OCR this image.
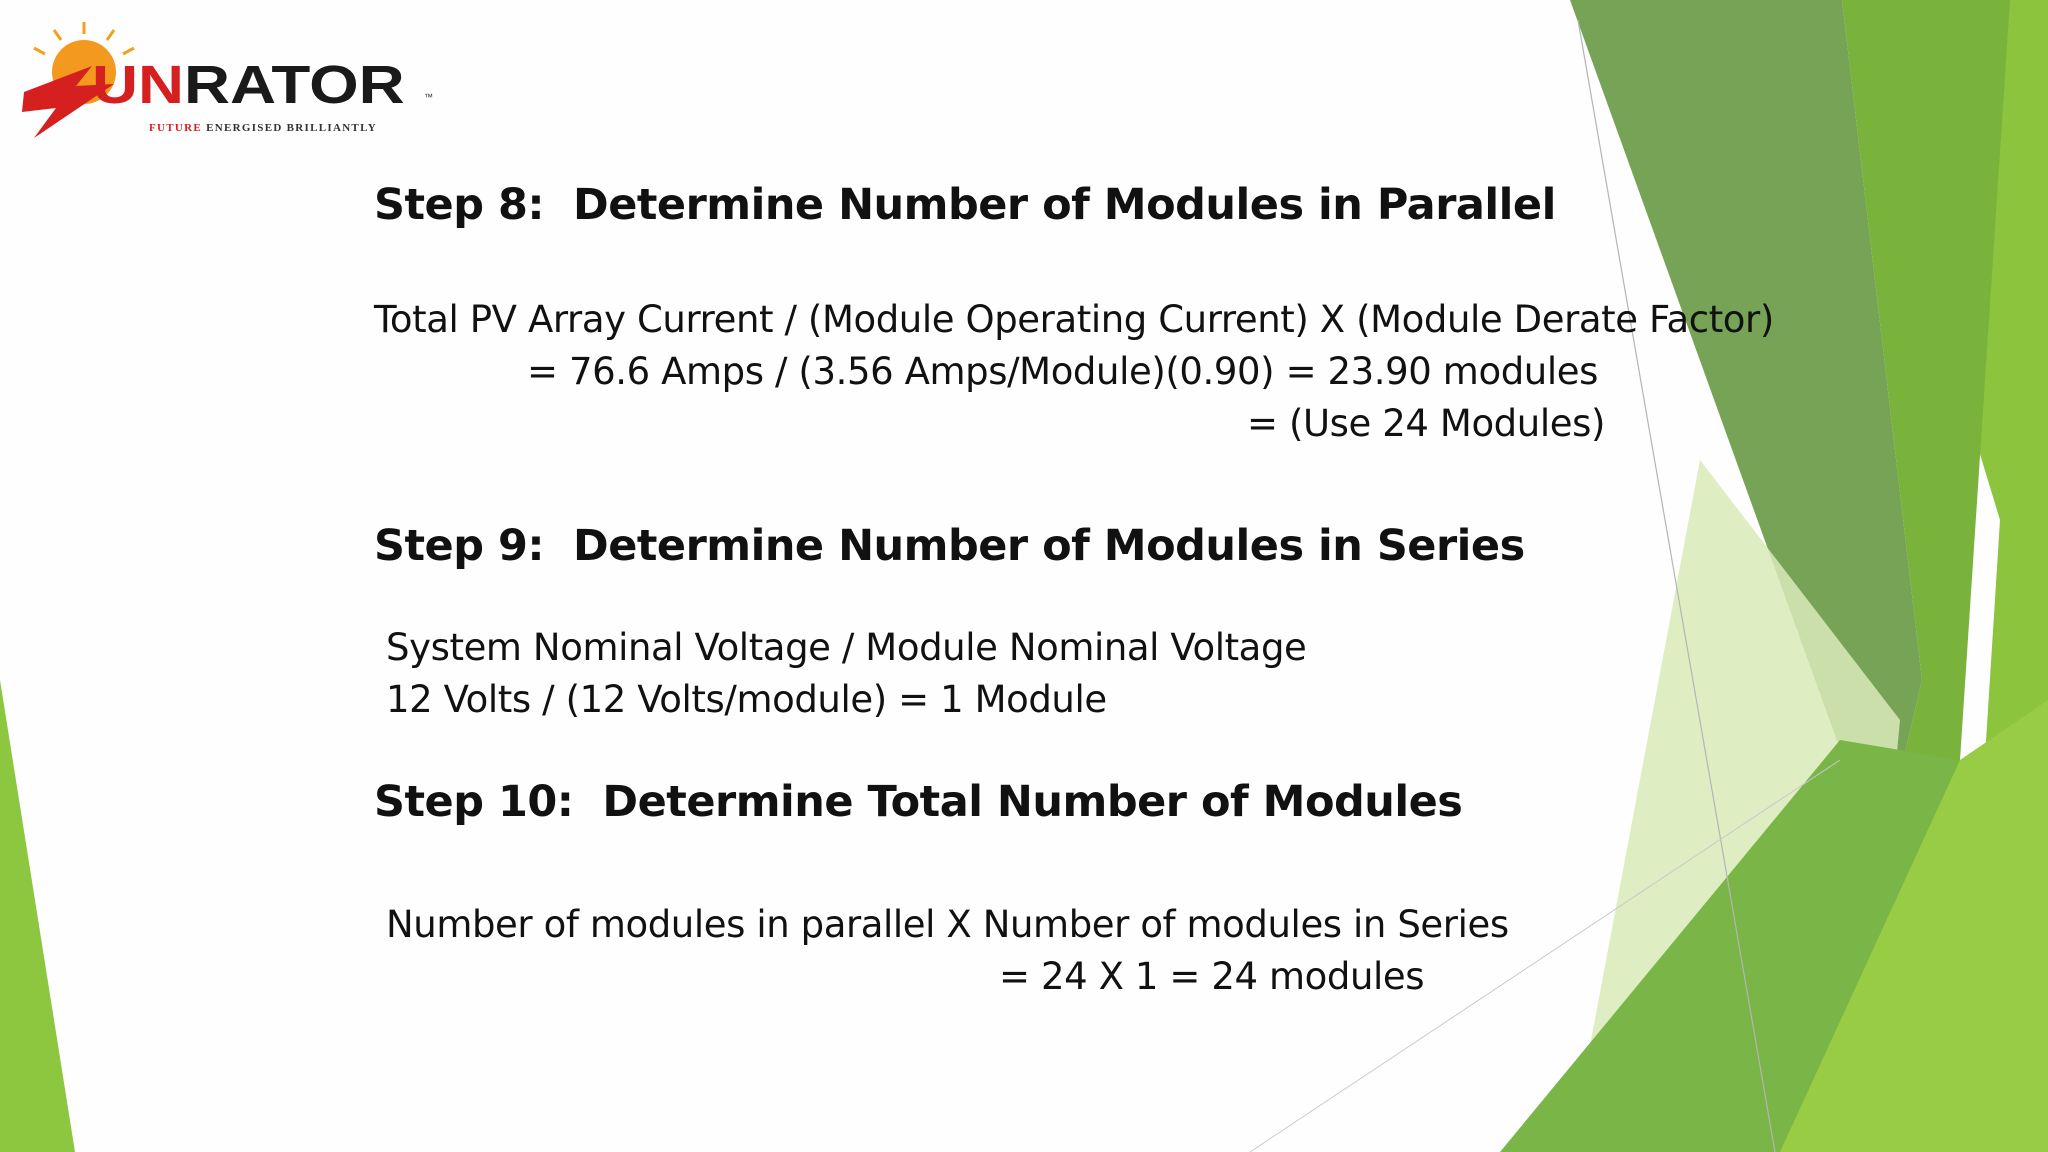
UNRATOR ™
FUTURE ENERGISED BRILLIANTLY
Step 8:  Determine Number of Modules in Parallel
Total PV Array Current / (Module Operating Current) X (Module Derate Factor)
= 76.6 Amps / (3.56 Amps/Module)(0.90) = 23.90 modules
= (Use 24 Modules)
Step 9:  Determine Number of Modules in Series
System Nominal Voltage / Module Nominal Voltage
12 Volts / (12 Volts/module) = 1 Module
Step 10:  Determine Total Number of Modules
Number of modules in parallel X Number of modules in Series
= 24 X 1 = 24 modules
